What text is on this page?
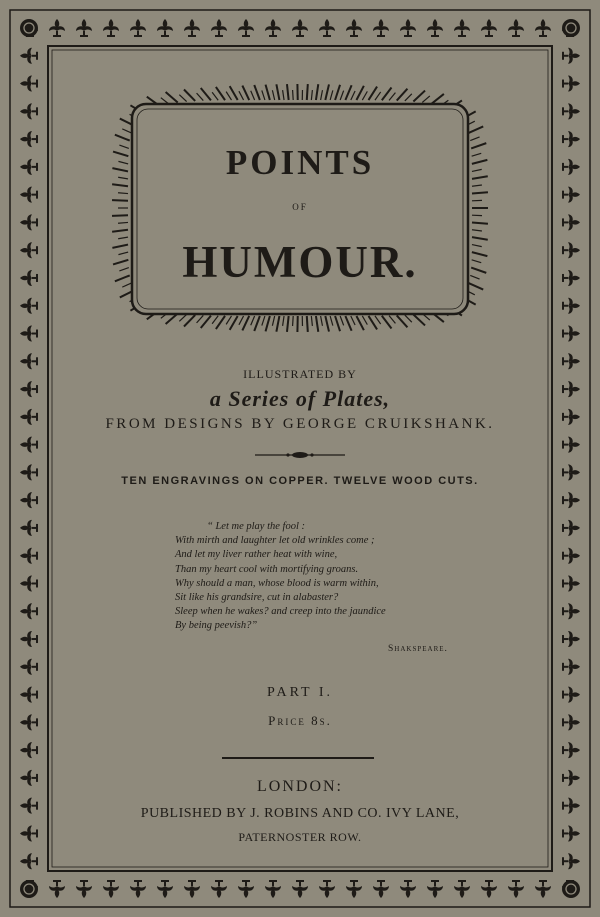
POINTS
OF
HUMOUR.
ILLUSTRATED BY
a Series of Plates,
FROM DESIGNS BY GEORGE CRUIKSHANK.
TEN ENGRAVINGS ON COPPER. TWELVE WOOD CUTS.
“ Let me play the fool :
With mirth and laughter let old wrinkles come ;
And let my liver rather heat with wine,
Than my heart cool with mortifying groans.
Why should a man, whose blood is warm within,
Sit like his grandsire, cut in alabaster?
Sleep when he wakes? and creep into the jaundice
By being peevish?”
Shakspeare.
PART I.
Price 8s.
LONDON:
PUBLISHED BY J. ROBINS AND CO. IVY LANE,
PATERNOSTER ROW.
